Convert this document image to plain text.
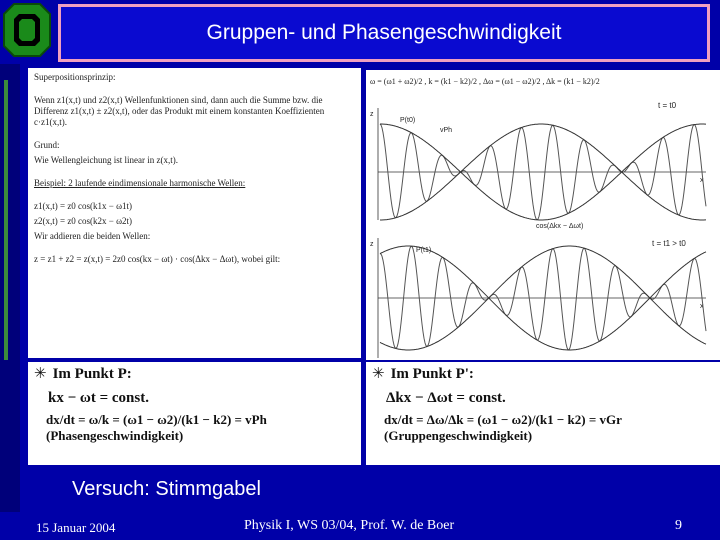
Gruppen- und Phasengeschwindigkeit
Superpositionsprinzip:
Wenn z1(x,t) und z2(x,t) Wellenfunktionen sind, dann auch die Summe bzw. die Differenz z1(x,t) ± z2(x,t), oder das Produkt mit einem konstanten Koeffizienten c·z1(x,t).
Grund:
Wie Wellengleichung ist linear in z(x,t).
Beispiel: 2 laufende eindimensionale harmonische Wellen:
z1(x,t) = z0 cos(k1x − ω1t)
z2(x,t) = z0 cos(k2x − ω2t)
Wir addieren die beiden Wellen:
z = z1 + z2 = z(x,t) = 2z0 cos(kx − ωt) · cos(Δkx − Δωt), wobei gilt:
ω = (ω1 + ω2)/2 , k = (k1 − k2)/2 , Δω = (ω1 − ω2)/2 , Δk = (k1 − k2)/2
z
x
t = t0
P(t0)
vPh
cos(Δkx − Δωt)
z
x
t = t1 > t0
P(t1)
✳ Im Punkt P:
kx − ωt = const.
dx/dt = ω/k = (ω1 − ω2)/(k1 − k2) = vPh (Phasengeschwindigkeit)
✳ Im Punkt P':
Δkx − Δωt = const.
dx/dt = Δω/Δk = (ω1 − ω2)/(k1 − k2) = vGr (Gruppengeschwindigkeit)
Versuch: Stimmgabel
15 Januar 2004	Physik I, WS 03/04, Prof. W. de Boer	9
